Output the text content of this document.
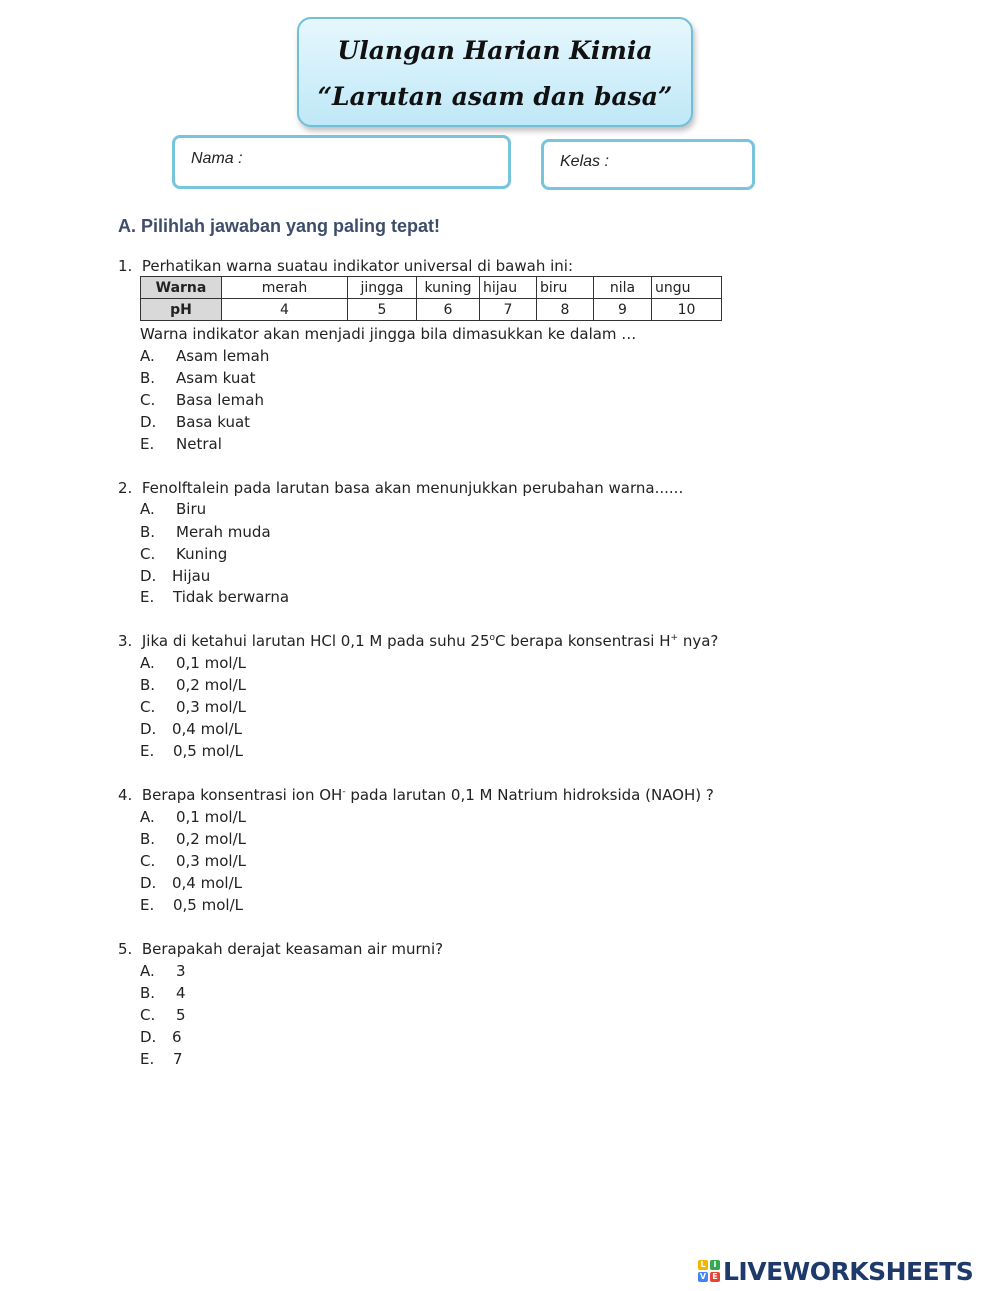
Ulangan Harian Kimia
“Larutan asam dan basa”
Nama :	Kelas :
A. Pilihlah jawaban yang paling tepat!
1. Perhatikan warna suatau indikator universal di bawah ini:
Warna	merah	jingga	kuning	hijau	biru	nila	ungu
pH	4	5	6	7	8	9	10
Warna indikator akan menjadi jingga bila dimasukkan ke dalam …
A. Asam lemah
B. Asam kuat
C. Basa lemah
D. Basa kuat
E. Netral
2. Fenolftalein pada larutan basa akan menunjukkan perubahan warna......
A. Biru
B. Merah muda
C. Kuning
D. Hijau
E. Tidak berwarna
3. Jika di ketahui larutan HCl 0,1 M pada suhu 25$^o$C berapa konsentrasi H+ nya?
A. 0,1 mol/L
B. 0,2 mol/L
C. 0,3 mol/L
D. 0,4 mol/L
E. 0,5 mol/L
4. Berapa konsentrasi ion OH- pada larutan 0,1 M Natrium hidroksida (NAOH) ?
A. 0,1 mol/L
B. 0,2 mol/L
C. 0,3 mol/L
D. 0,4 mol/L
E. 0,5 mol/L
5. Berapakah derajat keasaman air murni?
A. 3
B. 4
C. 5
D. 6
E. 7
L I
V E LIVEWORKSHEETS
